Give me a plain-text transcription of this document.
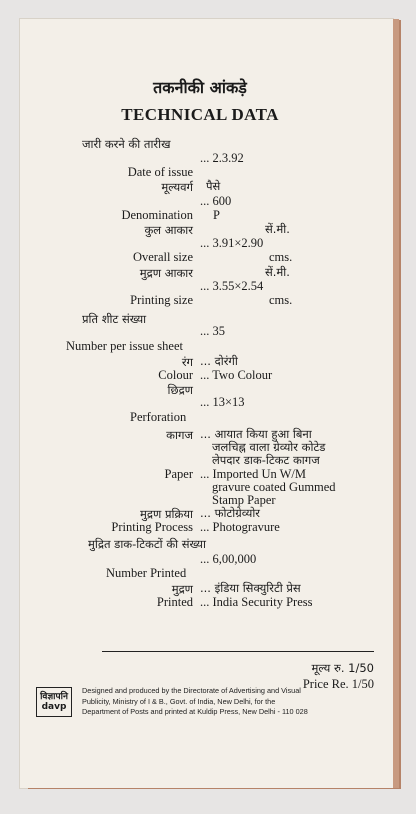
तकनीकी आंकड़े
TECHNICAL DATA
जारी करने की तारीख
... 2.3.92
Date of issue
मूल्यवर्ग पैसे
... 600
Denomination P
कुल आकार	सें.मी.
... 3.91×2.90
Overall size	cms.
मुद्रण आकार	सें.मी.
... 3.55×2.54
Printing size	cms.
प्रति शीट संख्या
... 35
Number per issue sheet
रंग ... दोरंगी
Colour ... Two Colour
छिद्रण
... 13×13
Perforation
कागज ... आयात किया हुआ बिना
जलचिह्न वाला ग्रेव्योर कोटेड
लेपदार डाक-टिकट कागज
Paper ... Imported Un W/M
gravure coated Gummed
Stamp Paper
मुद्रण प्रक्रिया ... फोटोग्रेव्योर
Printing Process ... Photogravure
मुद्रित डाक-टिकटों की संख्या
... 6,00,000
Number Printed
मुद्रण ... इंडिया सिक्युरिटी प्रेस
Printed ... India Security Press
मूल्य रु. 1/50
Price Re. 1/50
विज्ञापनि
davp
Designed and produced by the Directorate of Advertising and Visual
Publicity, Ministry of I & B., Govt. of India, New Delhi, for the
Department of Posts and printed at Kuldip Press, New Delhi - 110 028
